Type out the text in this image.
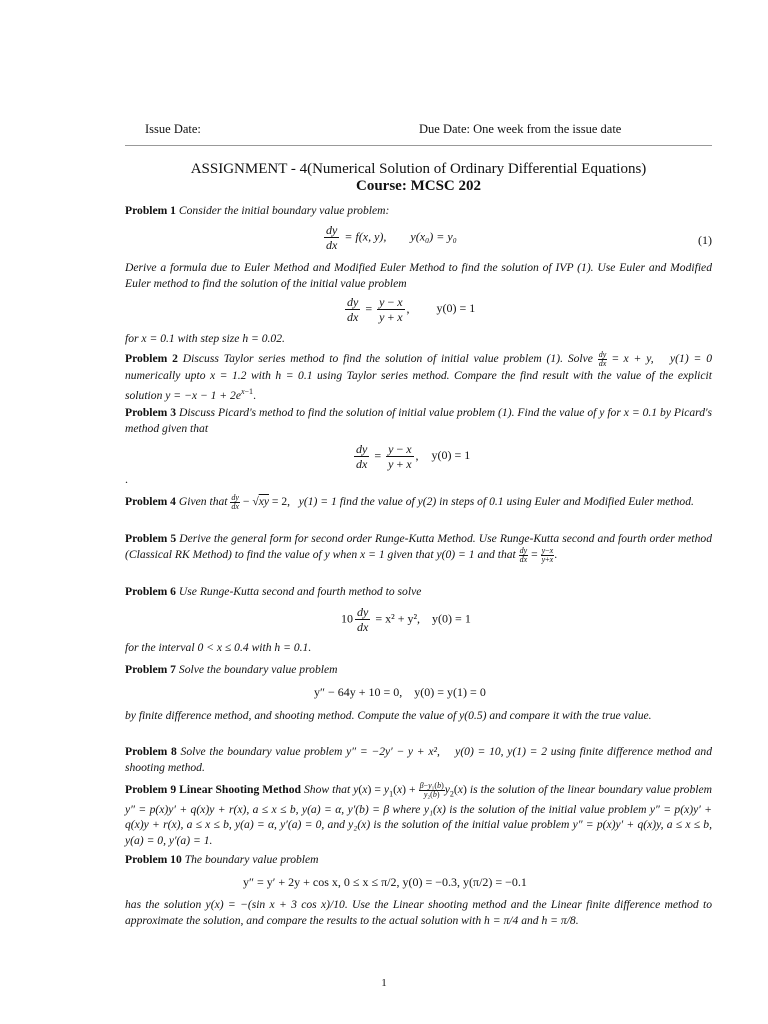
Issue Date:	Due Date: One week from the issue date
ASSIGNMENT - 4(Numerical Solution of Ordinary Differential Equations)
Course: MCSC 202
Problem 1 Consider the initial boundary value problem:
$\frac{dy}{dx} = f(x$, y),  y(x₀) = y₀	(1)
Derive a formula due to Euler Method and Modified Euler Method to find the solution of IVP (1). Use Euler and Modified Euler method to find the solution of the initial value problem
$\frac{dy}{dx} = \frac{y - x}{y + x}$ , y(0) = 1
for x = 0.1 with step size h = 0.02.
Problem 2 Discuss Taylor series method to find the solution of initial value problem (1). Solve $\frac{dy}{dx} = x + y$,  y(1) = 0 numerically upto x = 1.2 with h = 0.1 using Taylor series method. Compare the find result with the value of the explicit solution $y = -x - 1 + 2e^{x-1}$.
Problem 3 Discuss Picard's method to find the solution of initial value problem (1). Find the value of y for x = 0.1 by Picard's method given that
$\frac{dy}{dx} = \frac{y - x}{y + x}$ , y(0) = 1
.
Problem 4 Given that $\frac{dy}{dx} - √xy = 2$,   y(1) = 1 find the value of y(2) in steps of 0.1 using Euler and Modified Euler method.
Problem 5 Derive the general form for second order Runge-Kutta Method. Use Runge-Kutta second and fourth order method (Classical RK Method) to find the value of y when x = 1 given that y(0) = 1 and that $\frac{dy}{dx} = \frac{y-x}{y+x}$ .
Problem 6 Use Runge-Kutta second and fourth method to solve
$10 \frac{dy}{dx} = x^2 + y^2$, y(0) = 1
for the interval 0 < x ≤ 0.4 with h = 0.1.
Problem 7 Solve the boundary value problem
y″ − 64y + 10 = 0, y(0) = y(1) = 0
by finite difference method, and shooting method. Compute the value of y(0.5) and compare it with the true value.
Problem 8 Solve the boundary value problem y″ = −2y′ − y + x²,  y(0) = 10, y(1) = 2 using finite difference method and shooting method.
Problem 9 Linear Shooting Method Show that $y(x) = y_1(x) + \frac{\text{β−y₁(b)}}{\text{y₂(b)}} y_2(x)$ is the solution of the linear boundary value problem y″ = p(x)y′ + q(x)y + r(x), a ≤ x ≤ b, y(a) = α, y′(b) = β where y₁(x) is the solution of the initial value problem y″ = p(x)y′ + q(x)y + r(x), a ≤ x ≤ b, y(a) = α, y′(a) = 0, and y₂(x) is the solution of the initial value problem y″ = p(x)y′ + q(x)y, a ≤ x ≤ b, y(a) = 0, y′(a) = 1.
Problem 10 The boundary value problem
y″ = y′ + 2y + cos x, 0 ≤ x ≤ π/2, y(0) = −0.3, y(π/2) = −0.1
has the solution y(x) = −(sin x + 3 cos x)/10. Use the Linear shooting method and the Linear finite difference method to approximate the solution, and compare the results to the actual solution with h = π/4 and h = π/8.
1
